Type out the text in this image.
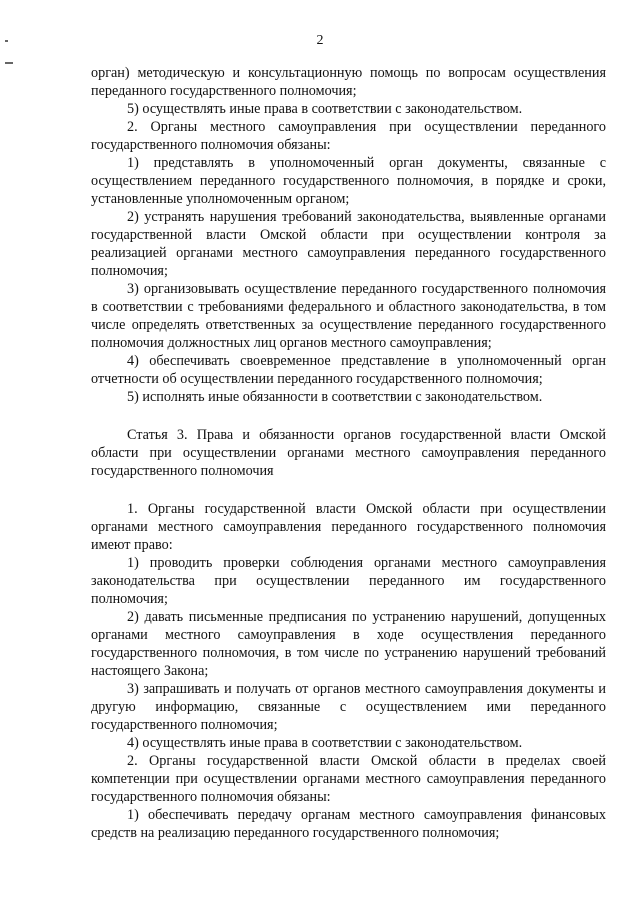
2

орган) методическую и консультационную помощь по вопросам осуществления переданного государственного полномочия;

5) осуществлять иные права в соответствии с законодательством.

2. Органы местного самоуправления при осуществлении переданного государственного полномочия обязаны:

1) представлять в уполномоченный орган документы, связанные с осуществлением переданного государственного полномочия, в порядке и сроки, установленные уполномоченным органом;

2) устранять нарушения требований законодательства, выявленные органами государственной власти Омской области при осуществлении контроля за реализацией органами местного самоуправления переданного государственного полномочия;

3) организовывать осуществление переданного государственного полномочия в соответствии с требованиями федерального и областного законодательства, в том числе определять ответственных за осуществление переданного государственного полномочия должностных лиц органов местного самоуправления;

4) обеспечивать своевременное представление в уполномоченный орган отчетности об осуществлении переданного государственного полномочия;

5) исполнять иные обязанности в соответствии с законодательством.

Статья 3. Права и обязанности органов государственной власти Омской области при осуществлении органами местного самоуправления переданного государственного полномочия

1. Органы государственной власти Омской области при осуществлении органами местного самоуправления переданного государственного полномочия имеют право:

1) проводить проверки соблюдения органами местного самоуправления законодательства при осуществлении переданного им государственного полномочия;

2) давать письменные предписания по устранению нарушений, допущенных органами местного самоуправления в ходе осуществления переданного государственного полномочия, в том числе по устранению нарушений требований настоящего Закона;

3) запрашивать и получать от органов местного самоуправления документы и другую информацию, связанные с осуществлением ими переданного государственного полномочия;

4) осуществлять иные права в соответствии с законодательством.

2. Органы государственной власти Омской области в пределах своей компетенции при осуществлении органами местного самоуправления переданного государственного полномочия обязаны:

1) обеспечивать передачу органам местного самоуправления финансовых средств на реализацию переданного государственного полномочия;
